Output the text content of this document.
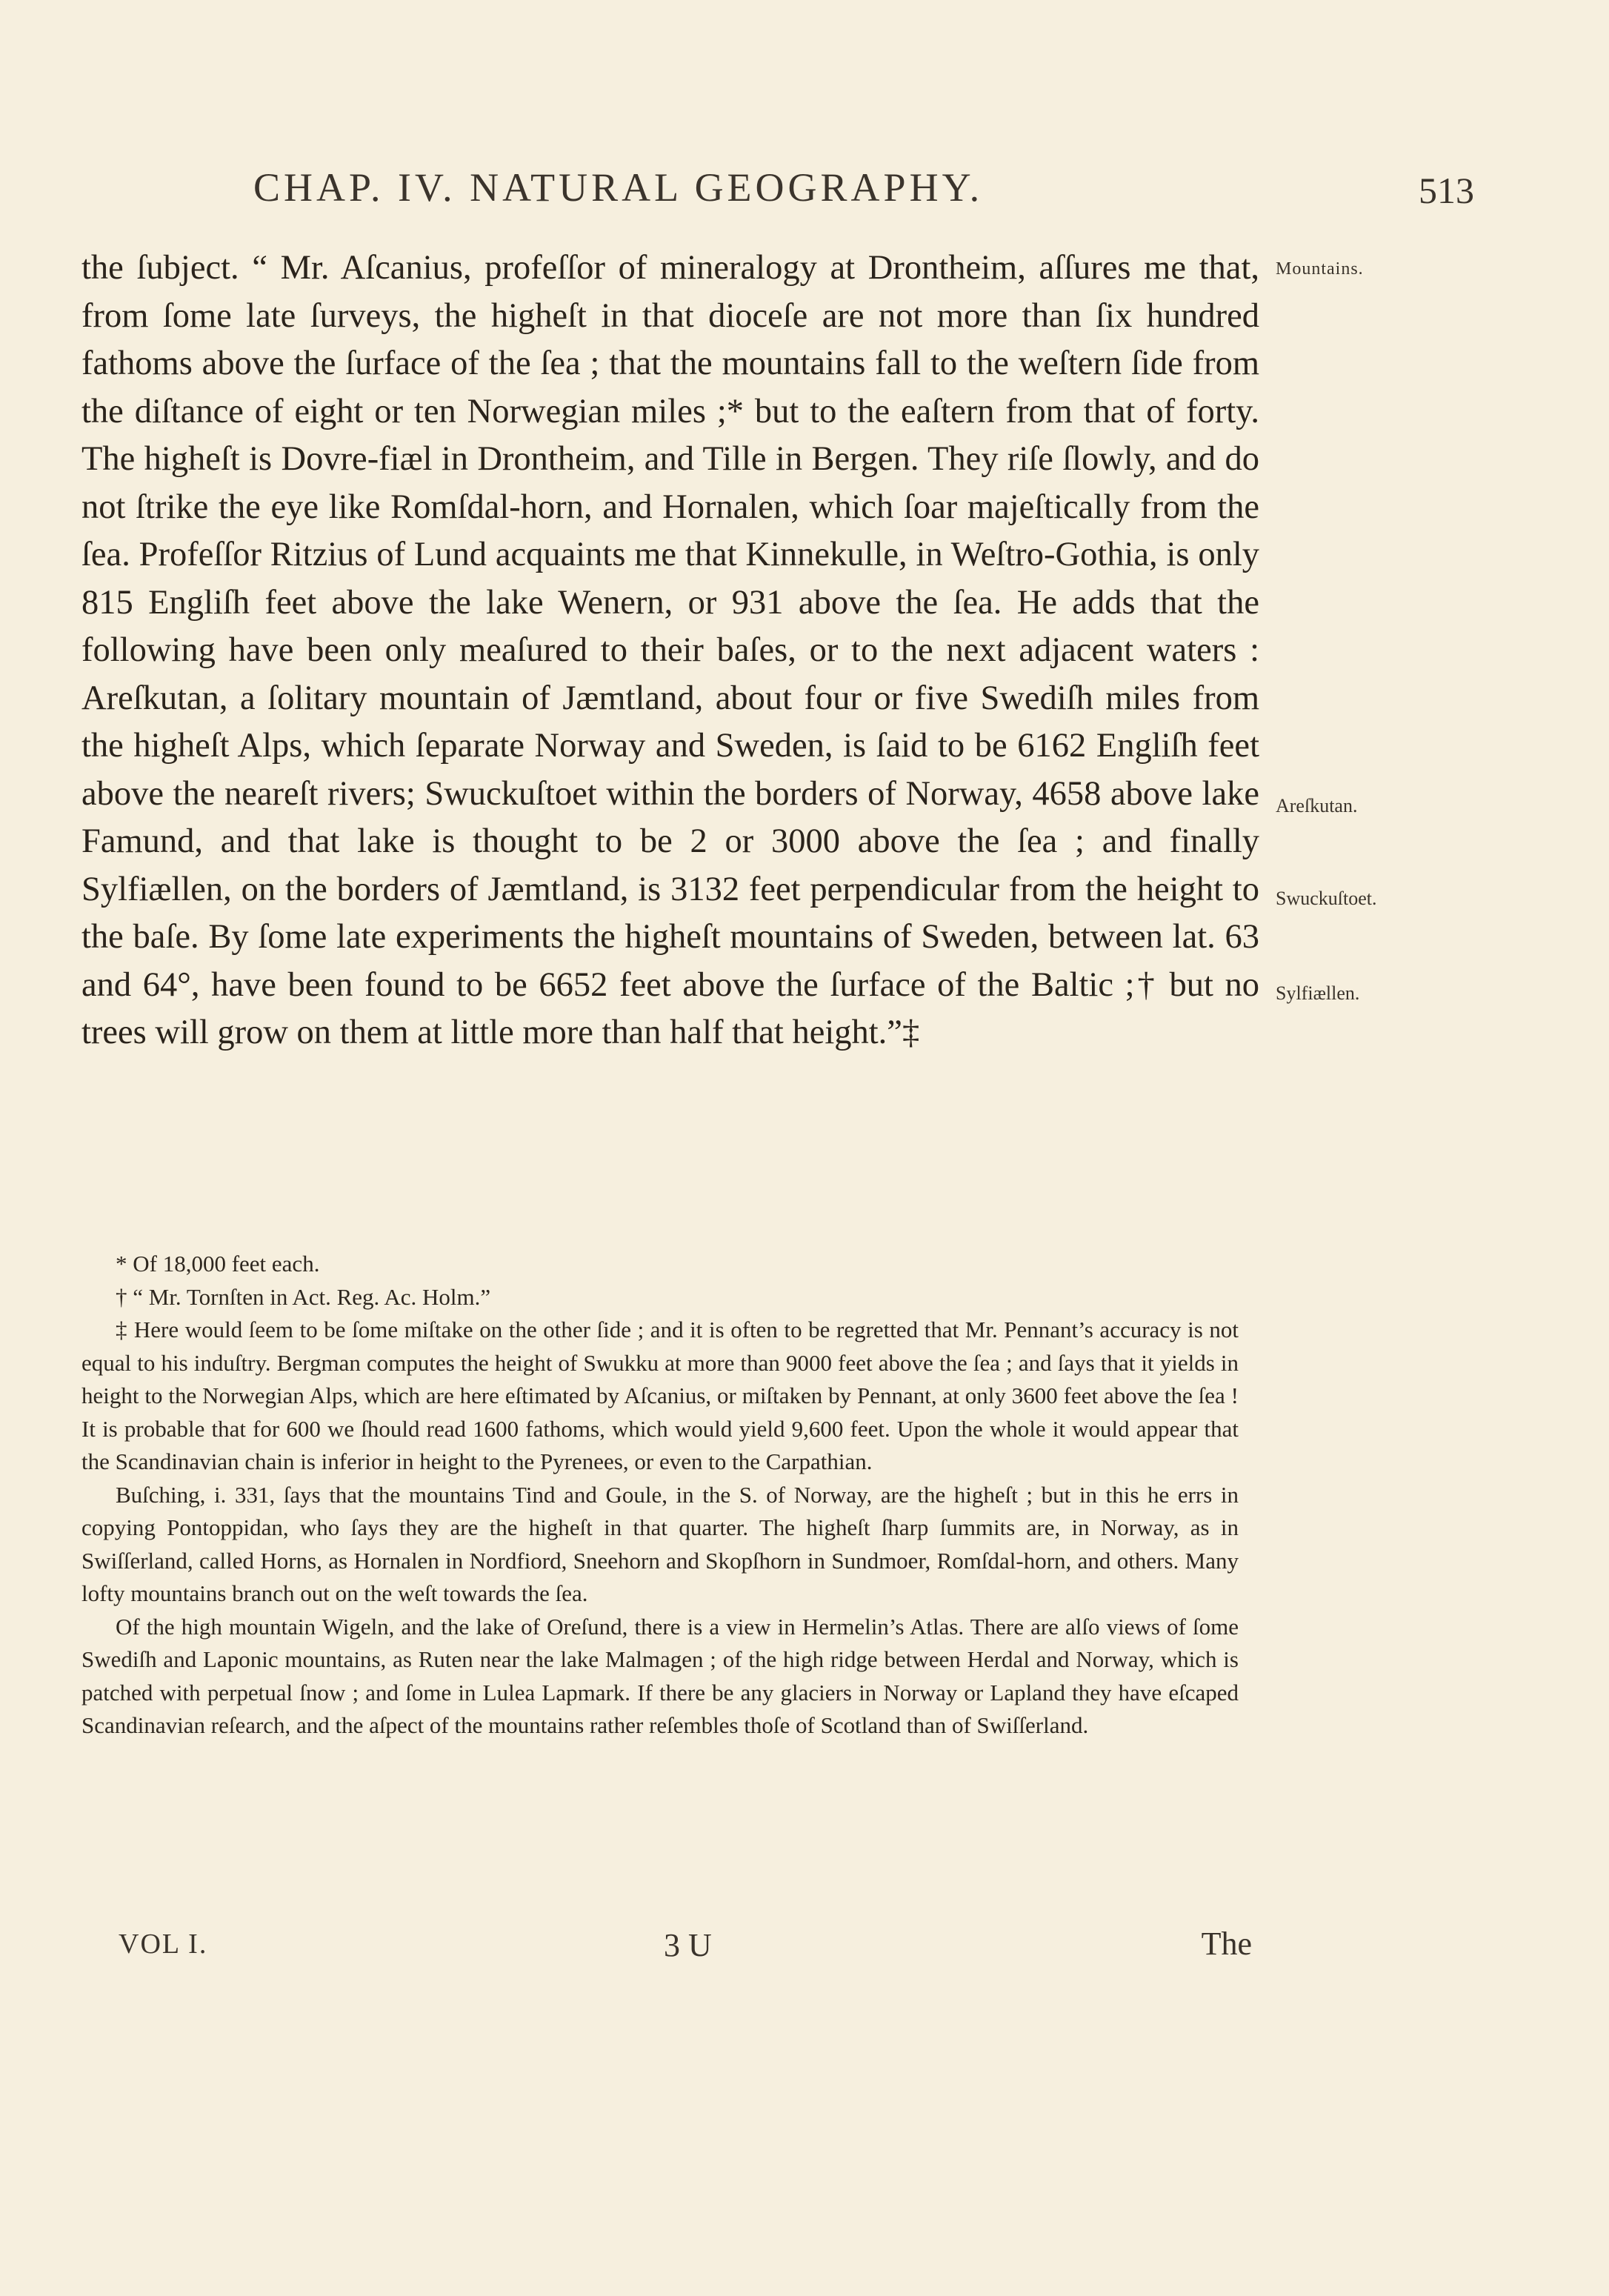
CHAP. IV. NATURAL GEOGRAPHY.	513

the ſubject. “ Mr. Aſcanius, profeſſor of mineralogy at Drontheim, aſſures me that, from ſome late ſurveys, the higheſt in that diocеſe are not more than ſix hundred fathoms above the ſurface of the ſea ; that the mountains fall to the weſtern ſide from the diſtance of eight or ten Norwegian miles ;* but to the eaſtern from that of forty. The higheſt is Dovre-fiæl in Drontheim, and Tille in Bergen. They riſe ſlowly, and do not ſtrike the eye like Romſdal-horn, and Hornalen, which ſoar majeſtically from the ſea. Profeſſor Ritzius of Lund acquaints me that Kinnekulle, in Weſtro-Gothia, is only 815 Engliſh feet above the lake Wenern, or 931 above the ſea. He adds that the following have been only meaſured to their baſes, or to the next adjacent waters : Areſkutan, a ſolitary mountain of Jæmtland, about four or five Swediſh miles from the higheſt Alps, which ſeparate Norway and Sweden, is ſaid to be 6162 Engliſh feet above the neareſt rivers; Swuckuſtoet within the borders of Norway, 4658 above lake Famund, and that lake is thought to be 2 or 3000 above the ſea ; and finally Sylfiællen, on the borders of Jæmtland, is 3132 feet perpendicular from the height to the baſe. By ſome late experiments the higheſt mountains of Sweden, between lat. 63 and 64°, have been found to be 6652 feet above the ſurface of the Baltic ;† but no trees will grow on them at little more than half that height.”‡

Mountains.
Areſkutan.
Swuckuſtoet.
Sylfiællen.

* Of 18,000 feet each.

† “ Mr. Tornſten in Act. Reg. Ac. Holm.”

‡ Here would ſeem to be ſome miſtake on the other ſide ; and it is often to be regretted that Mr. Pennant’s accuracy is not equal to his induſtry. Bergman computes the height of Swukku at more than 9000 feet above the ſea ; and ſays that it yields in height to the Norwegian Alps, which are here eſtimated by Aſcanius, or miſtaken by Pennant, at only 3600 feet above the ſea ! It is probable that for 600 we ſhould read 1600 fathoms, which would yield 9,600 feet. Upon the whole it would appear that the Scandinavian chain is inferior in height to the Pyrenees, or even to the Carpathian.

Buſching, i. 331, ſays that the mountains Tind and Goule, in the S. of Norway, are the higheſt ; but in this he errs in copying Pontoppidan, who ſays they are the higheſt in that quarter. The higheſt ſharp ſummits are, in Norway, as in Swiſſerland, called Horns, as Hornalen in Nordfiord, Sneehorn and Skopſhorn in Sundmoer, Romſdal-horn, and others. Many lofty mountains branch out on the weſt towards the ſea.

Of the high mountain Wigeln, and the lake of Oreſund, there is a view in Hermelin’s Atlas. There are alſo views of ſome Swediſh and Laponic mountains, as Ruten near the lake Malmagen ; of the high ridge between Herdal and Norway, which is patched with perpetual ſnow ; and ſome in Lulea Lapmark. If there be any glaciers in Norway or Lapland they have eſcaped Scandinavian reſearch, and the aſpect of the mountains rather reſembles thoſe of Scotland than of Swiſſerland.

VOL I.	3 U	The
